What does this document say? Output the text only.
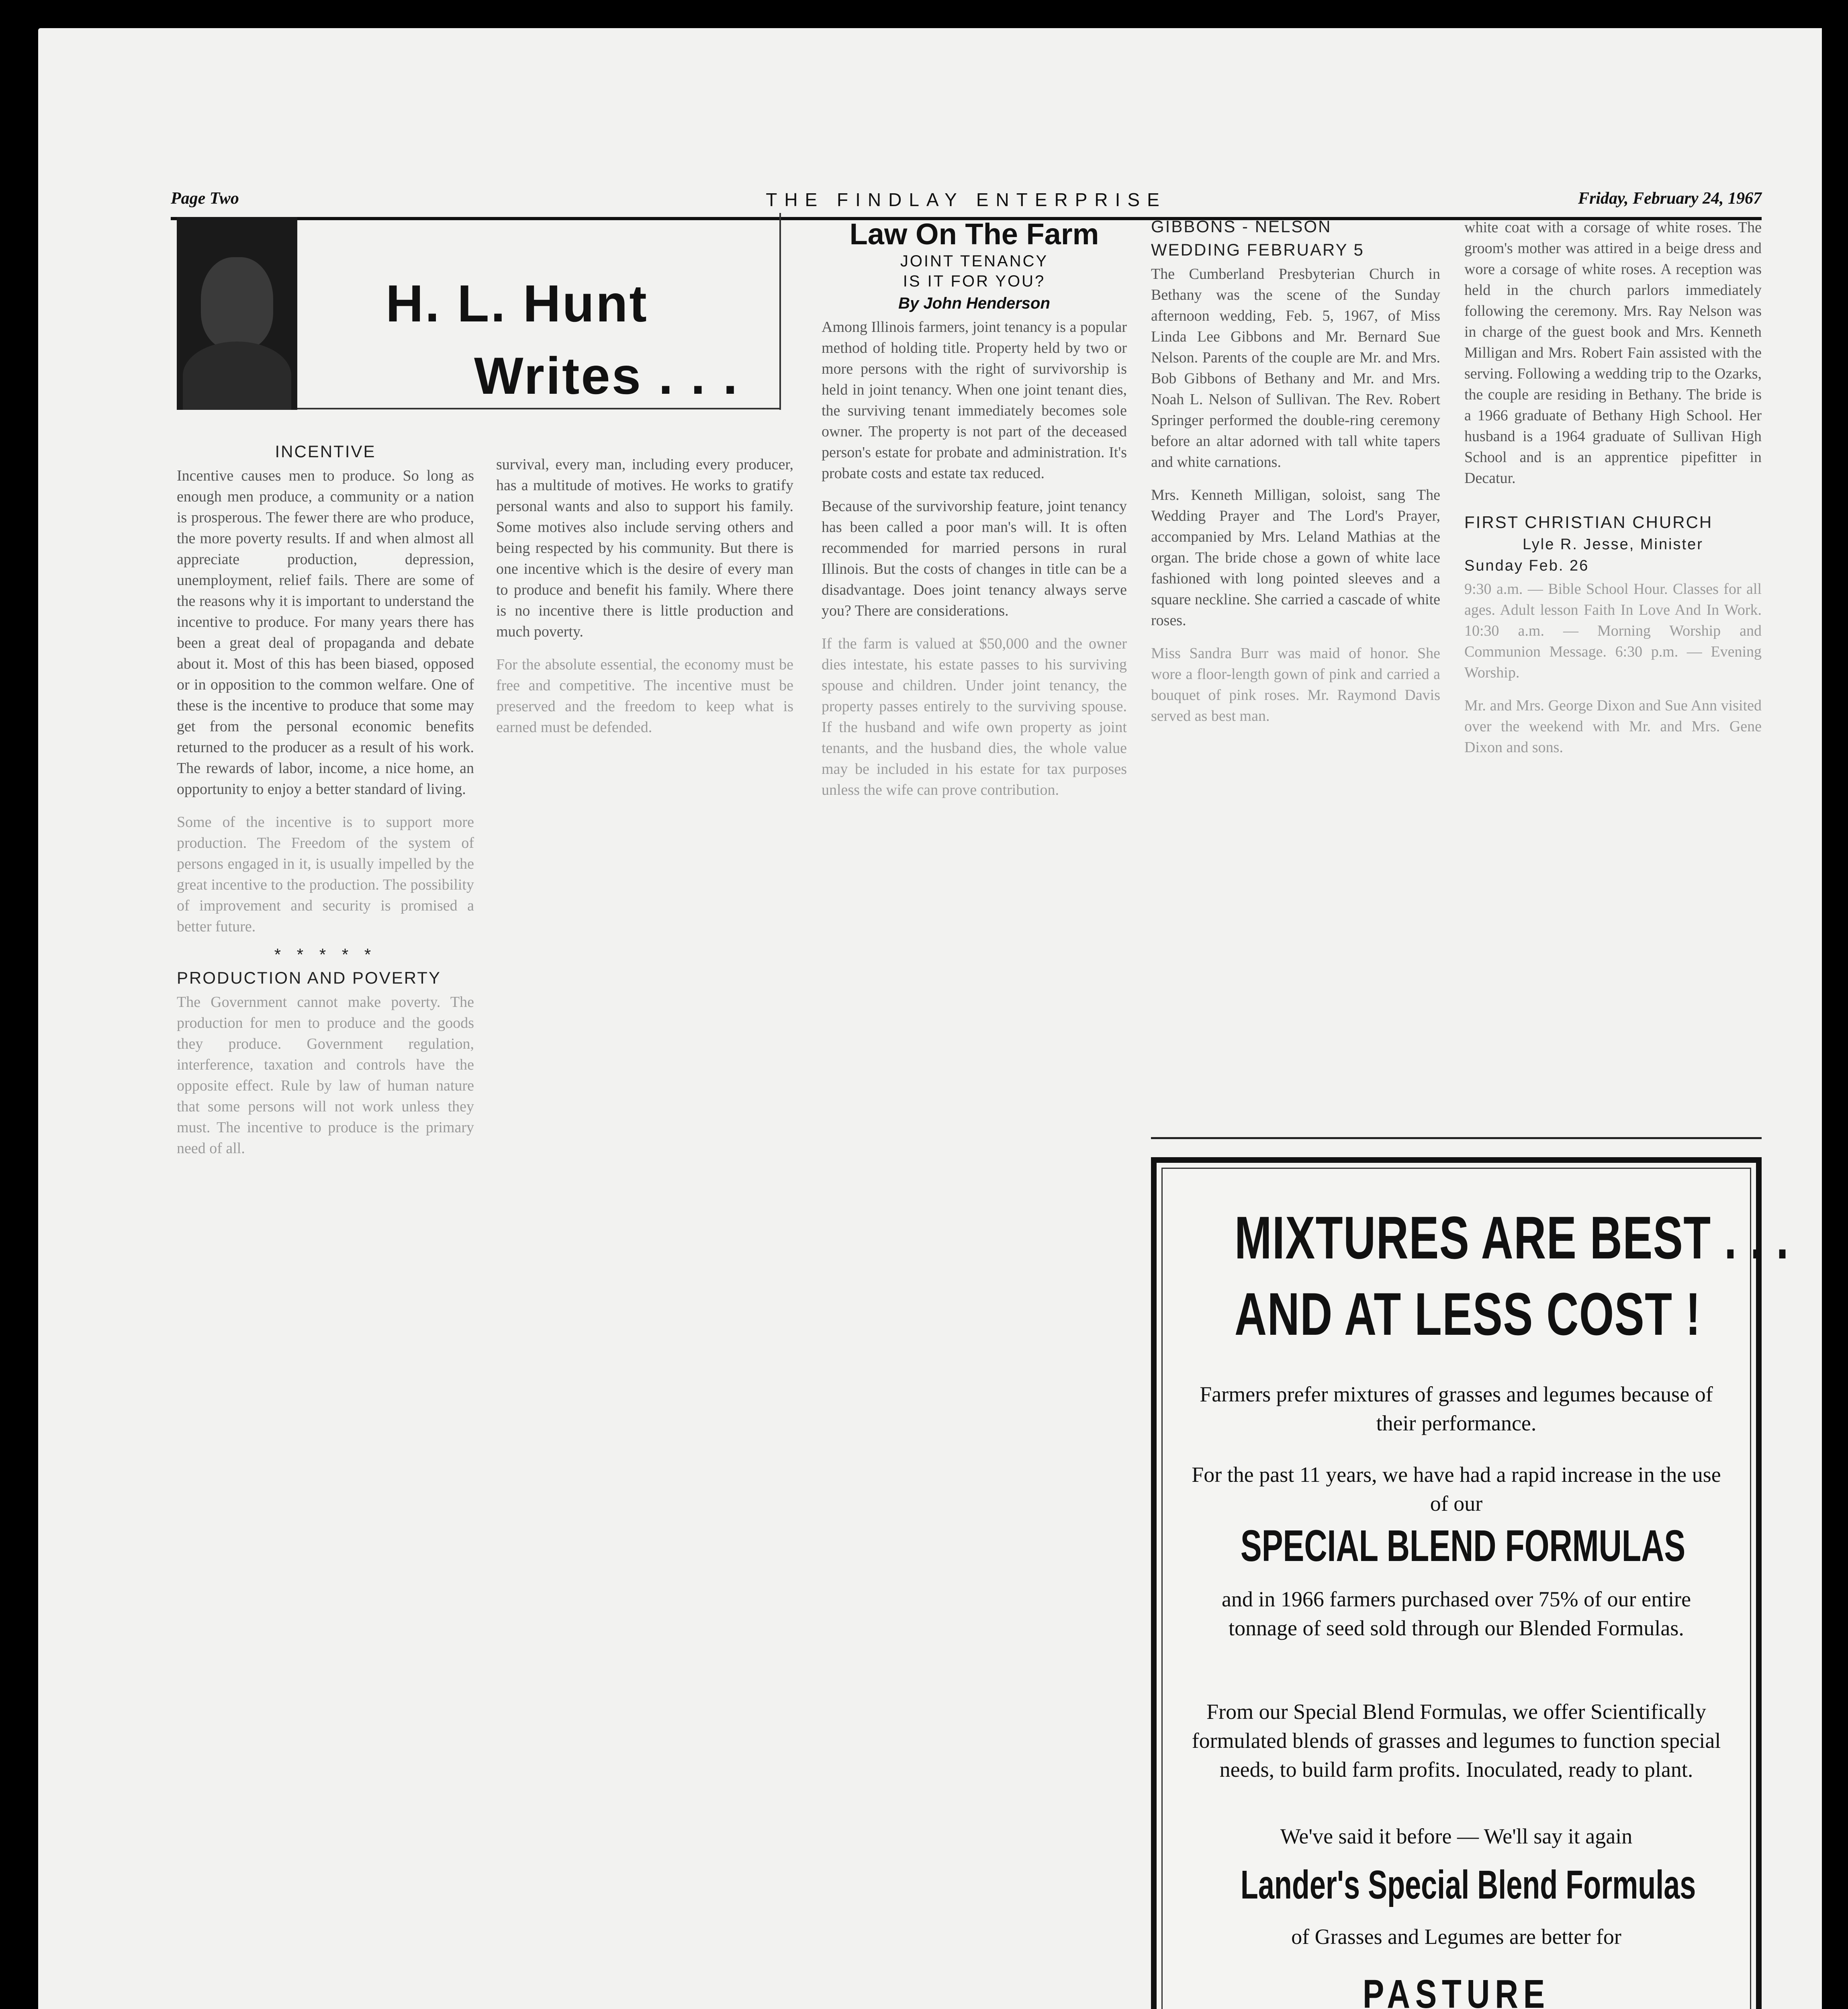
Page Two	THE FINDLAY ENTERPRISE	Friday, February 24, 1967
H. L. Hunt
Writes . . .
INCENTIVE

Incentive causes men to produce. So long as enough men produce, a community or a nation is prosperous. The fewer there are who produce, the more poverty results. If and when almost all appreciate production, depression, unemployment, relief fails. There are some of the reasons why it is important to understand the incentive to produce. For many years there has been a great deal of propaganda and debate about it. Most of this has been biased, opposed or in opposition to the common welfare. One of these is the incentive to produce that some may get from the personal economic benefits returned to the producer as a result of his work. The rewards of labor, income, a nice home, an opportunity to enjoy a better standard of living.

Some of the incentive is to support more production. The Freedom of the system of persons engaged in it, is usually impelled by the great incentive to the production. The possibility of improvement and security is promised a better future.

* * * * *
PRODUCTION AND POVERTY

The Government cannot make poverty. The production for men to produce and the goods they produce. Government regulation, interference, taxation and controls have the opposite effect. Rule by law of human nature that some persons will not work unless they must. The incentive to produce is the primary need of all.

survival, every man, including every producer, has a multitude of motives. He works to gratify personal wants and also to support his family. Some motives also include serving others and being respected by his community. But there is one incentive which is the desire of every man to produce and benefit his family. Where there is no incentive there is little production and much poverty.

For the absolute essential, the economy must be free and competitive. The incentive must be preserved and the freedom to keep what is earned must be defended.

Law On The Farm
JOINT TENANCY
IS IT FOR YOU?
By John Henderson

Among Illinois farmers, joint tenancy is a popular method of holding title. Property held by two or more persons with the right of survivorship is held in joint tenancy. When one joint tenant dies, the surviving tenant immediately becomes sole owner. The property is not part of the deceased person's estate for probate and administration. It's probate costs and estate tax reduced.

Because of the survivorship feature, joint tenancy has been called a poor man's will. It is often recommended for married persons in rural Illinois. But the costs of changes in title can be a disadvantage. Does joint tenancy always serve you? There are considerations.

If the farm is valued at $50,000 and the owner dies intestate, his estate passes to his surviving spouse and children. Under joint tenancy, the property passes entirely to the surviving spouse. If the husband and wife own property as joint tenants, and the husband dies, the whole value may be included in his estate for tax purposes unless the wife can prove contribution.

GIBBONS - NELSON
WEDDING FEBRUARY 5

The Cumberland Presbyterian Church in Bethany was the scene of the Sunday afternoon wedding, Feb. 5, 1967, of Miss Linda Lee Gibbons and Mr. Bernard Sue Nelson. Parents of the couple are Mr. and Mrs. Bob Gibbons of Bethany and Mr. and Mrs. Noah L. Nelson of Sullivan. The Rev. Robert Springer performed the double-ring ceremony before an altar adorned with tall white tapers and white carnations.

Mrs. Kenneth Milligan, soloist, sang The Wedding Prayer and The Lord's Prayer, accompanied by Mrs. Leland Mathias at the organ. The bride chose a gown of white lace fashioned with long pointed sleeves and a square neckline. She carried a cascade of white roses.

Miss Sandra Burr was maid of honor. She wore a floor-length gown of pink and carried a bouquet of pink roses. Mr. Raymond Davis served as best man.

white coat with a corsage of white roses. The groom's mother was attired in a beige dress and wore a corsage of white roses. A reception was held in the church parlors immediately following the ceremony. Mrs. Ray Nelson was in charge of the guest book and Mrs. Kenneth Milligan and Mrs. Robert Fain assisted with the serving. Following a wedding trip to the Ozarks, the couple are residing in Bethany. The bride is a 1966 graduate of Bethany High School. Her husband is a 1964 graduate of Sullivan High School and is an apprentice pipefitter in Decatur.

FIRST CHRISTIAN CHURCH
Lyle R. Jesse, Minister
Sunday Feb. 26

9:30 a.m. — Bible School Hour. Classes for all ages. Adult lesson Faith In Love And In Work. 10:30 a.m. — Morning Worship and Communion Message. 6:30 p.m. — Evening Worship.

Mr. and Mrs. George Dixon and Sue Ann visited over the weekend with Mr. and Mrs. Gene Dixon and sons.

MIXTURES ARE BEST . . .
AND AT LESS COST !
Farmers prefer mixtures of grasses and legumes because of their performance.
For the past 11 years, we have had a rapid increase in the use of our
SPECIAL BLEND FORMULAS
and in 1966 farmers purchased over 75% of our entire tonnage of seed sold through our Blended Formulas.
From our Special Blend Formulas, we offer Scientifically formulated blends of grasses and legumes to function special needs, to build farm profits. Inoculated, ready to plant.
We've said it before — We'll say it again
Lander's Special Blend Formulas
of Grasses and Legumes are better for
PASTURE
